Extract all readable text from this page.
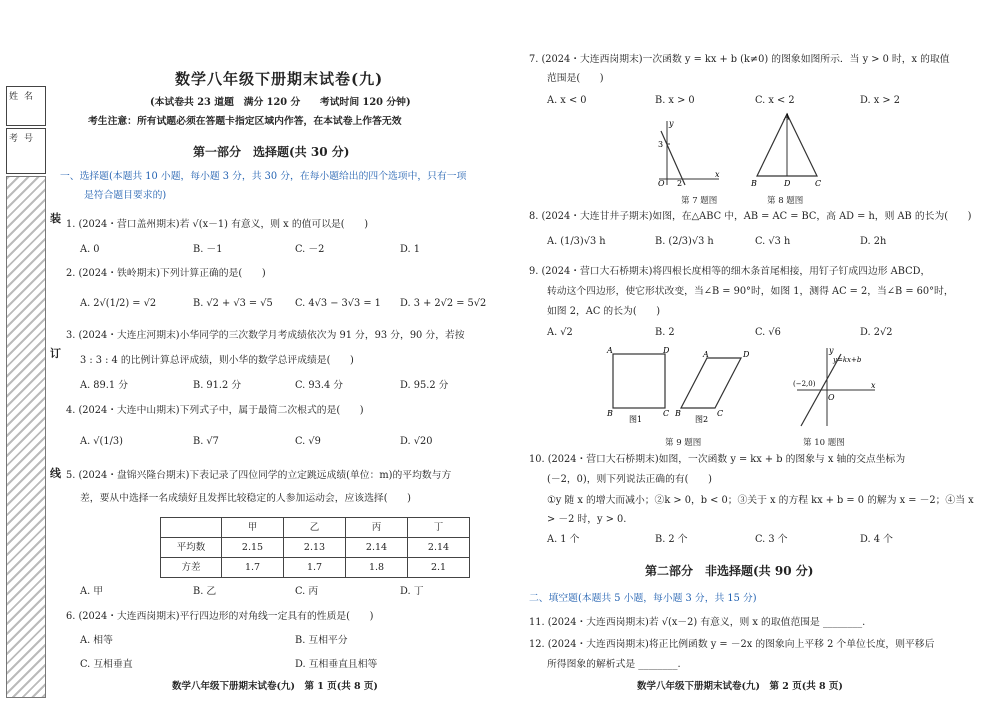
姓名
考号
装
订
线
数学八年级下册期末试卷(九)
(本试卷共 23 道题　满分 120 分　　考试时间 120 分钟)
考生注意：所有试题必须在答题卡指定区域内作答，在本试卷上作答无效
第一部分　选择题(共 30 分)
一、选择题(本题共 10 小题，每小题 3 分，共 30 分，在每小题给出的四个选项中，只有一项
是符合题目要求的)
1. (2024・营口盖州期末)若 √(x－1) 有意义，则 x 的值可以是(　　)
A. 0	B. －1	C. －2	D. 1
2. (2024・铁岭期末)下列计算正确的是(　　)
A. 2√(1/2) = √2	B. √2 + √3 = √5 C. 4√3 − 3√3 = 1 D. 3 + 2√2 = 5√2
3. (2024・大连庄河期末)小华同学的三次数学月考成绩依次为 91 分，93 分，90 分，若按
3 : 3 : 4 的比例计算总评成绩，则小华的数学总评成绩是(　　)
A. 89.1 分	B. 91.2 分	C. 93.4 分	D. 95.2 分
4. (2024・大连中山期末)下列式子中，属于最简二次根式的是(　　)
A. √(1/3)	B. √7	C. √9	D. √20
5. (2024・盘锦兴隆台期末)下表记录了四位同学的立定跳远成绩(单位：m)的平均数与方
差，要从中选择一名成绩好且发挥比较稳定的人参加运动会，应该选择(　　)
	甲	乙	丙	丁
平均数	2.15	2.13	2.14	2.14
方差	1.7	1.7	1.8	2.1
A. 甲	B. 乙	C. 丙	D. 丁
6. (2024・大连西岗期末)平行四边形的对角线一定具有的性质是(　　)
A. 相等	B. 互相平分
C. 互相垂直	D. 互相垂直且相等
数学八年级下册期末试卷(九)　第 1 页(共 8 页)
7. (2024・大连西岗期末)一次函数 y = kx + b (k≠0) 的图象如图所示．当 y > 0 时，x 的取值
范围是(　　)
A. x < 0	B. x > 0	C. x < 2	D. x > 2
y
x
O
3
2
第 7 题图
A
B	D	C
第 8 题图
8. (2024・大连甘井子期末)如图，在△ABC 中，AB = AC = BC，高 AD = h，则 AB 的长为(　　)
A. (1/3)√3 h	B. (2/3)√3 h	C. √3 h	D. 2h
9. (2024・营口大石桥期末)将四根长度相等的细木条首尾相接，用钉子钉成四边形 ABCD，
转动这个四边形，使它形状改变，当∠B = 90°时，如图 1，测得 AC = 2，当∠B = 60°时，
如图 2，AC 的长为(　　)
A. √2	B. 2	C. √6	D. 2√2
A	D
B	C
图1
A	D
B	C
图2
第 9 题图
y
x
O
y=kx+b
(−2,0)
第 10 题图
10. (2024・营口大石桥期末)如图，一次函数 y = kx + b 的图象与 x 轴的交点坐标为
(－2，0)，则下列说法正确的有(　　)
①y 随 x 的增大而减小；②k > 0，b < 0；③关于 x 的方程 kx + b = 0 的解为 x = －2；④当 x
> －2 时，y > 0.
A. 1 个	B. 2 个	C. 3 个	D. 4 个
第二部分　非选择题(共 90 分)
二、填空题(本题共 5 小题，每小题 3 分，共 15 分)
11. (2024・大连西岗期末)若 √(x－2) 有意义，则 x 的取值范围是 ________.
12. (2024・大连西岗期末)将正比例函数 y = －2x 的图象向上平移 2 个单位长度，则平移后
所得图象的解析式是 ________.
数学八年级下册期末试卷(九)　第 2 页(共 8 页)
